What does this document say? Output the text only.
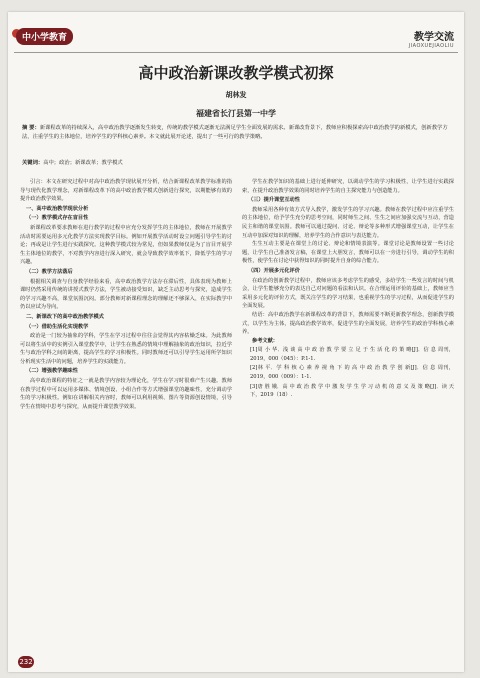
中小学教育	教学交流
JIAOXUEJIAOLIU
高中政治新课改教学模式初探
胡林发
福建省长汀县第一中学
摘 要：新课程改革的持续深入，高中政治教学逐渐发生转变，传统的教学模式逐渐无法满足学生全面发展的需求。新课改背景下，教师应积极探索高中政治教学的新模式，创新教学方法，注重学生的主体地位，培养学生的学科核心素养。本文就此展开论述，提出了一些可行的教学策略。
关键词：高中；政治；新课改革；教学模式

引言：本文在研究过程中对高中政治教学现状展开分析，结合新课程改革教学标准的指导与现代化教学理念，对新课程改革下的高中政治教学模式创新进行探究，以期能够有效的提升政治教学效果。

一、高中政治教学现状分析

（一）教学模式存在盲目性

新课程改革要求教师在进行教学的过程中应充分发挥学生的主体地位，教师在开展教学活动时需要运用多元化教学方法实现教学目标。例如开展教学活动时设立问题引导学生的讨论；再或是让学生进行实践探究。这种教学模式较为常见，但如果教师仅是为了盲目开展学生主体地位的教学，不对教学内容进行深入研究，就会导致教学效率低下，降低学生的学习兴趣。

（二）教学方法落后

根据相关调查与自身教学经验来看，高中政治教学方法存在滞后性，具体表现为教师上课时仍然采用传统的讲授式教学方法，学生被动接受知识，缺乏主动思考与探究，造成学生的学习兴趣不高，课堂氛围沉闷。部分教师对新课程理念的理解还不够深入，在实际教学中仍以应试为导向。

二、新课改下的高中政治教学模式

（一）借助生活化实现教学

政治是一门较为抽象的学科，学生在学习过程中往往会觉得其内容枯燥乏味。为此教师可以将生活中的实例引入课堂教学中，让学生在熟悉的情境中理解抽象的政治知识，拉近学生与政治学科之间的距离，提高学生的学习积极性。同时教师还可以引导学生运用所学知识分析现实生活中的问题，培养学生的实践能力。

（二）增强教学趣味性

高中政治课程的特征之一就是教学内容较为理论化，学生在学习时很难产生兴趣。教师在教学过程中可以运用多媒体、情境创设、小组合作等方式增强课堂的趣味性，充分调动学生的学习积极性。例如在讲解相关内容时，教师可以利用视频、图片等资源创设情境，引导学生在情境中思考与探究，从而提升课堂教学效果。

学生在教学知识的基础上进行延伸研究，以调动学生的学习积极性，让学生进行实践探索，在提升政治教学效果的同时培养学生的自主探究能力与创造能力。

（三）提升课堂互动性

教师采用各种有效方式导入教学，激发学生的学习兴趣。教师在教学过程中应注重学生的主体地位，给予学生充分的思考空间，同时师生之间、生生之间应加强交流与互动，营造民主和谐的课堂氛围。教师可以通过提问、讨论、辩论等多种形式增强课堂互动，让学生在互动中加深对知识的理解，培养学生的合作意识与表达能力。

生生互动主要是在课堂上的讨论、辩论和情境表演等。课堂讨论是教师设置一些讨论题，让学生自己准备发言稿，在课堂上大胆发言，教师可以在一旁进行引导，调动学生的积极性，使学生在讨论中获得知识的同时提升自身的综合能力。

（四）开展多元化评价

在政治的创新教学过程中，教师应该多考虑学生的感受，多给学生一些发言的时间与机会，让学生能够充分的表达自己对问题的看法和认识。在合理运用评价的基础上，教师应当采用多元化的评价方式，既关注学生的学习结果，也重视学生的学习过程，从而促进学生的全面发展。

结语：高中政治教学在新课程改革的背景下，教师需要不断更新教学理念，创新教学模式，以学生为主体，提高政治教学效率，促进学生的全面发展，培养学生的政治学科核心素养。

参考文献：

[1]周 小 华．浅 谈 高 中 政 治 教 学 要 立 足 于 生 活 化 的 策 略[J]．信 息 周刊，2019，000（045）：P.1-1.

[2]林 平．学 科 核 心 素 养 视 角 下 的 高 中 政 治 教 学 创 新[J]．信 息 周刊，2019，000（009）：1-1.

[3]唐 胜 娥．高 中 政 治 教 学 中 激 发 学 生 学 习 动 机 的 意 义 及 策 略[J]．读 天下，2019（18）.

232
